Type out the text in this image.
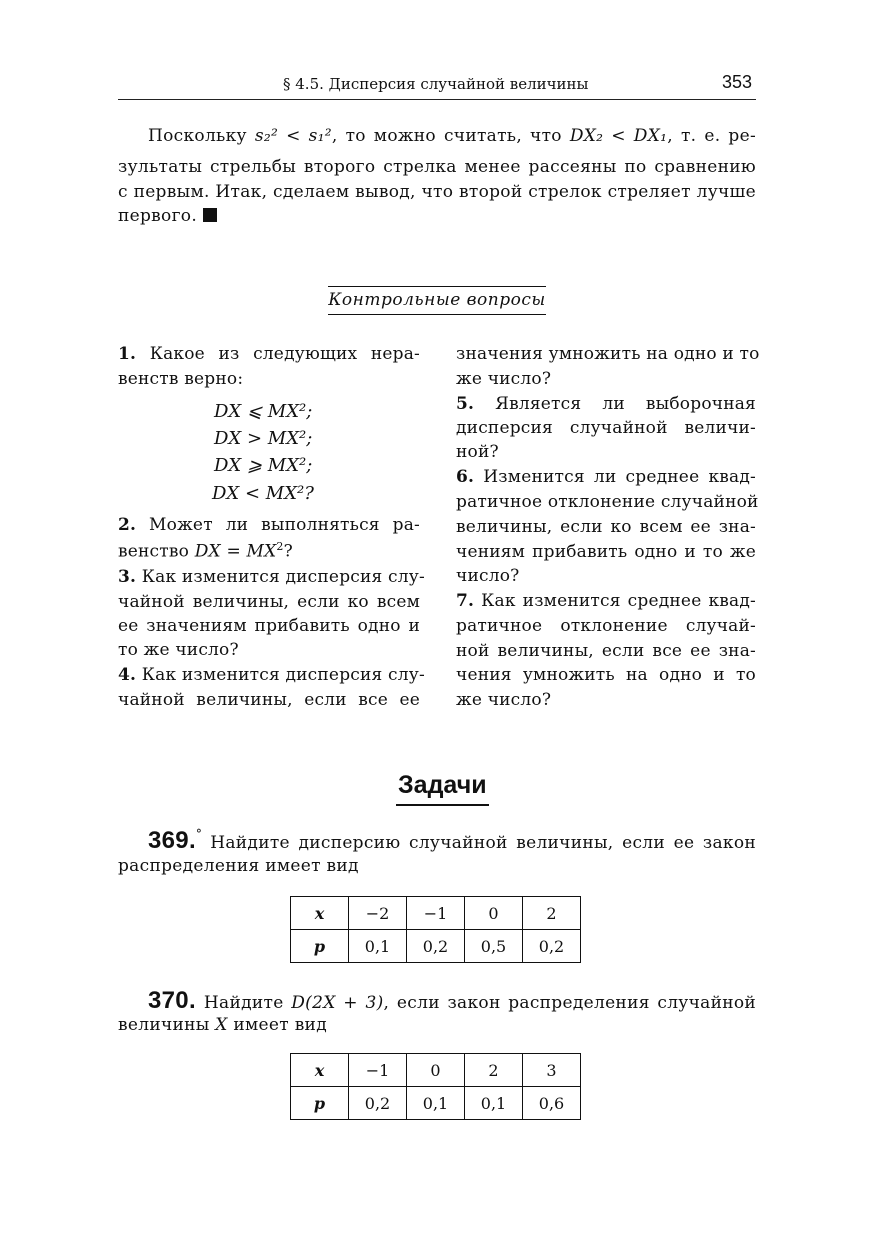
§ 4.5. Дисперсия случайной величины	353
Поскольку s₂² < s₁², то можно считать, что DX₂ < DX₁, т. е. ре-
зультаты стрельбы второго стрелка менее рассеяны по сравнению
с первым. Итак, сделаем вывод, что второй стрелок стреляет лучше
первого.
Контрольные вопросы
1. Какое из следующих нера-
венств верно:
DX ⩽ MX²;
DX > MX²;
DX ⩾ MX²;
DX < MX²?
2. Может ли выполняться ра-
венство DX = $MX^2$?
3. Как изменится дисперсия слу-
чайной величины, если ко всем
ее значениям прибавить одно и
то же число?
4. Как изменится дисперсия слу-
чайной величины, если все ее
значения умножить на одно и то
же число?
5. Является ли выборочная
дисперсия случайной величи-
ной?
6. Изменится ли среднее квад-
ратичное отклонение случайной
величины, если ко всем ее зна-
чениям прибавить одно и то же
число?
7. Как изменится среднее квад-
ратичное отклонение случай-
ной величины, если все ее зна-
чения умножить на одно и то
же число?
Задачи
369.° Найдите дисперсию случайной величины, если ее закон
распределения имеет вид
x	−2	−1	0	2
p	0,1	0,2	0,5	0,2
370. Найдите D(2X + 3), если закон распределения случайной
величины X имеет вид
x	−1	0	2	3
p	0,2	0,1	0,1	0,6
